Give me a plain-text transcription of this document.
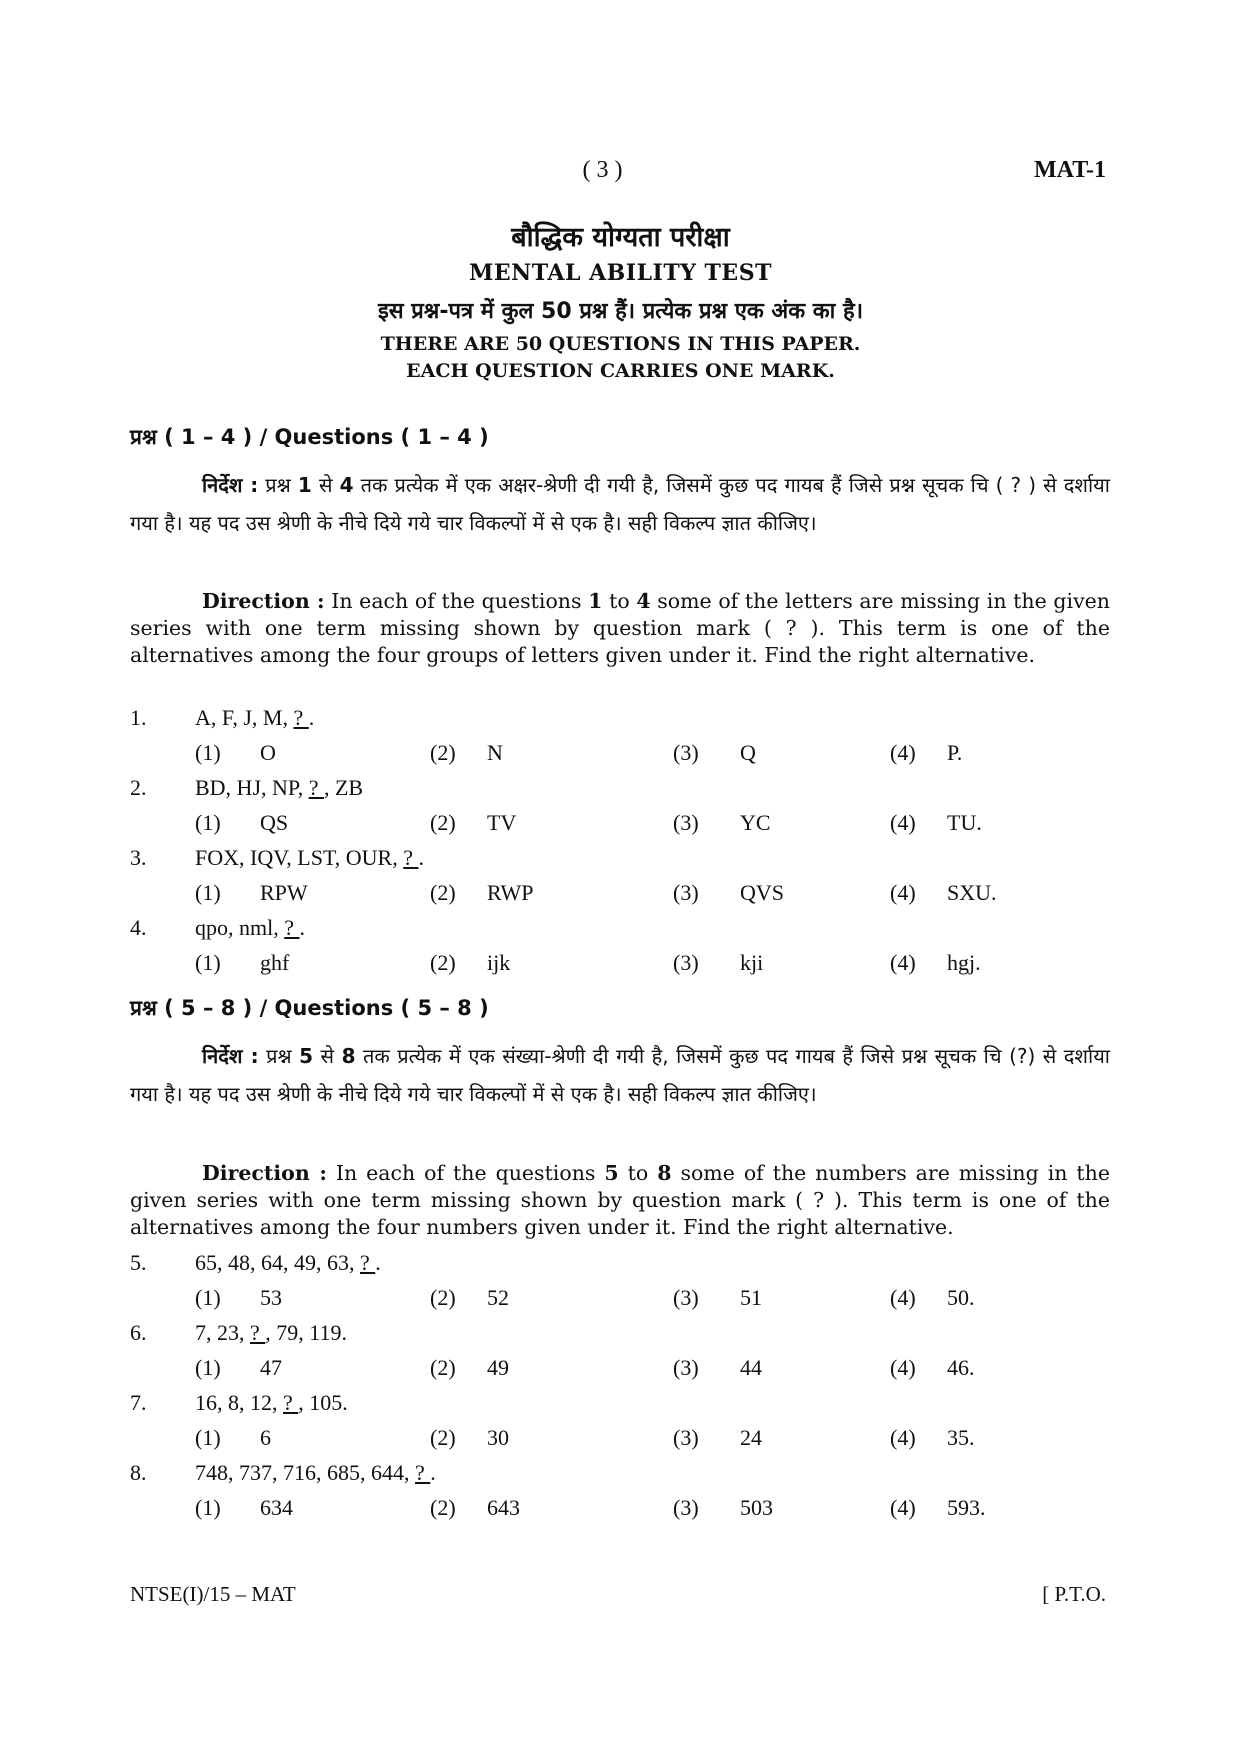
( 3 )	MAT-1
बौद्धिक योग्यता परीक्षा
MENTAL ABILITY TEST
इस प्रश्न-पत्र में कुल 50 प्रश्न हैं। प्रत्येक प्रश्न एक अंक का है।
THERE ARE 50 QUESTIONS IN THIS PAPER.
EACH QUESTION CARRIES ONE MARK.
प्रश्न ( 1 – 4 ) / Questions ( 1 – 4 )
निर्देश : प्रश्न 1 से 4 तक प्रत्येक में एक अक्षर-श्रेणी दी गयी है, जिसमें कुछ पद गायब हैं जिसे प्रश्न सूचक चि ( ? ) से दर्शाया गया है। यह पद उस श्रेणी के नीचे दिये गये चार विकल्पों में से एक है। सही विकल्प ज्ञात कीजिए।
Direction : In each of the questions 1 to 4 some of the letters are missing in the given series with one term missing shown by question mark ( ? ). This term is one of the alternatives among the four groups of letters given under it. Find the right alternative.
1. A, F, J, M, ? .
(1) O	(2) N	(3) Q	(4) P.
2. BD, HJ, NP, ? , ZB
(1) QS	(2) TV	(3) YC	(4) TU.
3. FOX, IQV, LST, OUR, ? .
(1) RPW	(2) RWP	(3) QVS	(4) SXU.
4. qpo, nml, ? .
(1) ghf	(2) ijk	(3) kji	(4) hgj.
प्रश्न ( 5 – 8 ) / Questions ( 5 – 8 )
निर्देश : प्रश्न 5 से 8 तक प्रत्येक में एक संख्या-श्रेणी दी गयी है, जिसमें कुछ पद गायब हैं जिसे प्रश्न सूचक चि (?) से दर्शाया गया है। यह पद उस श्रेणी के नीचे दिये गये चार विकल्पों में से एक है। सही विकल्प ज्ञात कीजिए।
Direction : In each of the questions 5 to 8 some of the numbers are missing in the given series with one term missing shown by question mark ( ? ). This term is one of the alternatives among the four numbers given under it. Find the right alternative.
5. 65, 48, 64, 49, 63, ? .
(1) 53	(2) 52	(3) 51	(4) 50.
6. 7, 23, ? , 79, 119.
(1) 47	(2) 49	(3) 44	(4) 46.
7. 16, 8, 12, ? , 105.
(1) 6	(2) 30	(3) 24	(4) 35.
8. 748, 737, 716, 685, 644, ? .
(1) 634	(2) 643	(3) 503	(4) 593.
NTSE(I)/15 – MAT	[ P.T.O.
